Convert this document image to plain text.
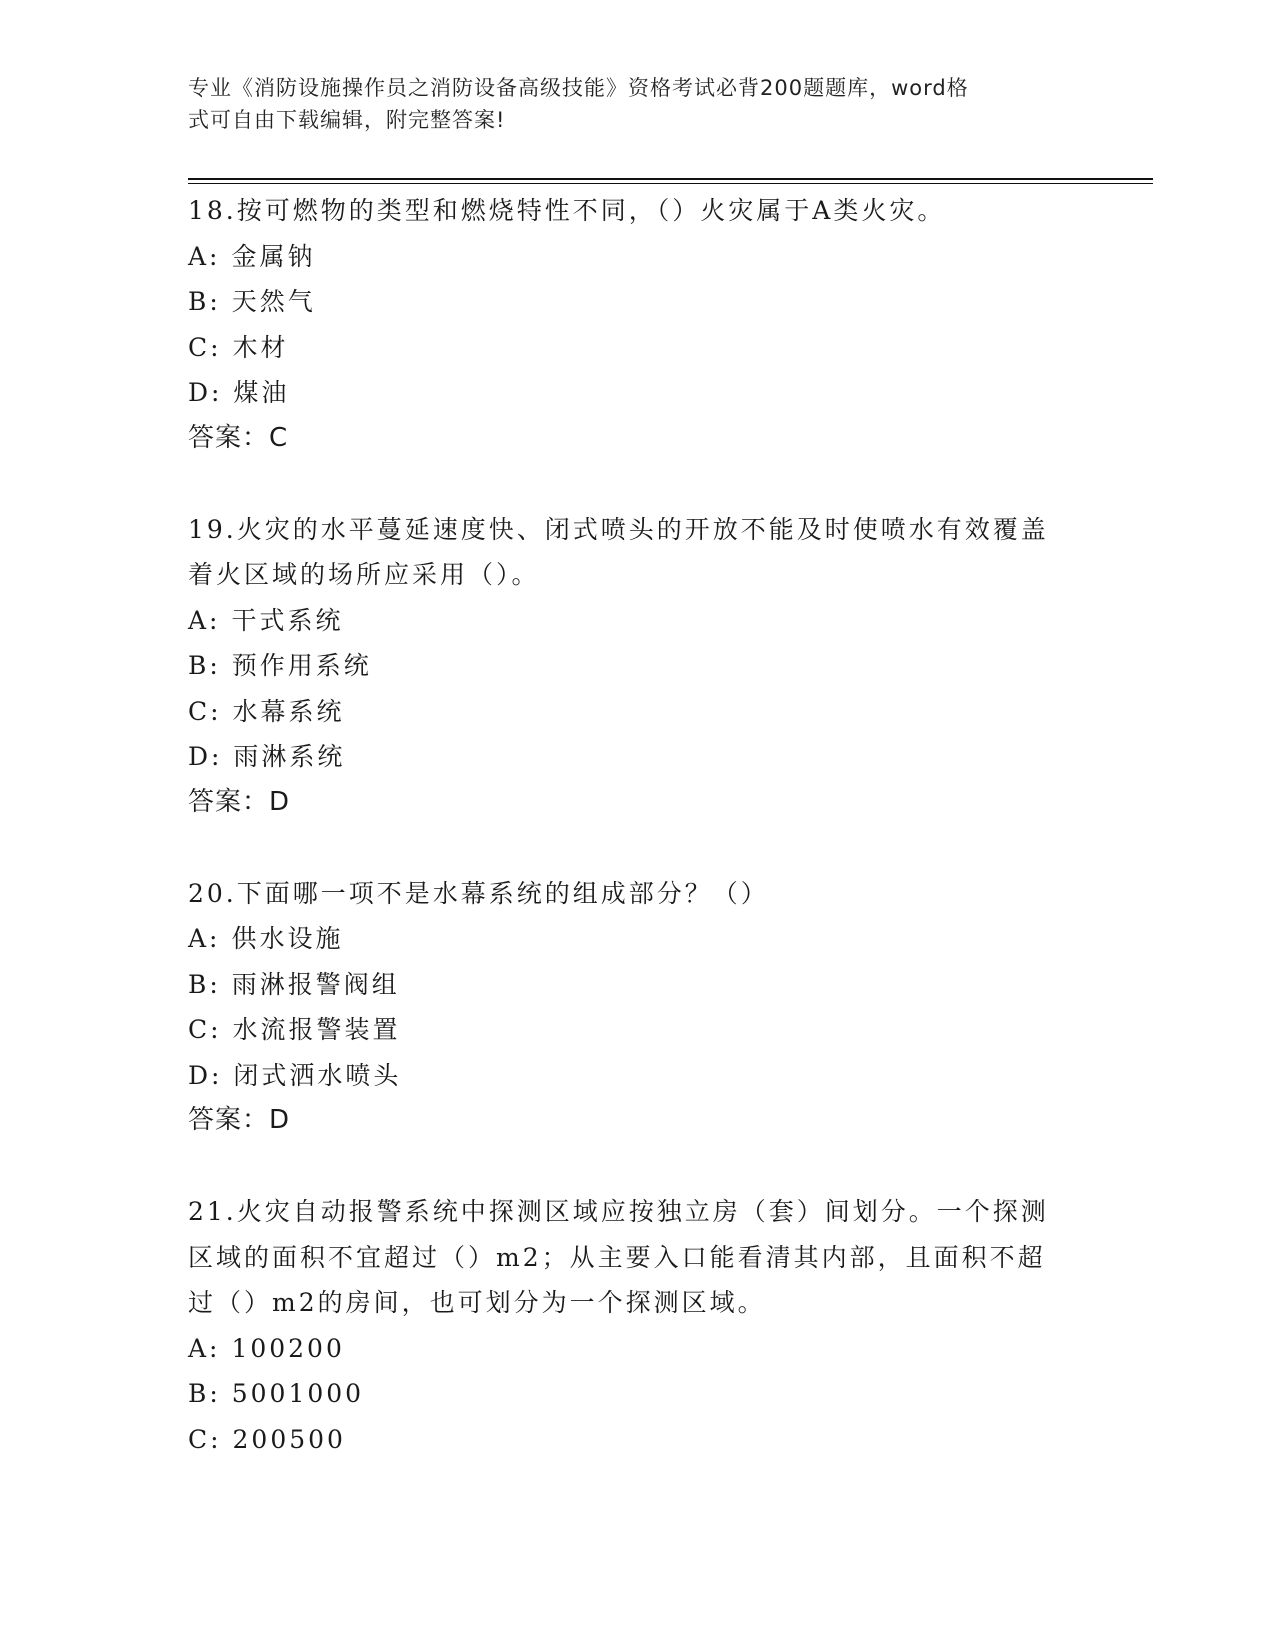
专业《消防设施操作员之消防设备高级技能》资格考试必背200题题库，word格
式可自由下载编辑，附完整答案!

18.按可燃物的类型和燃烧特性不同，（）火灾属于A类火灾。

A: 金属钠

B: 天然气

C: 木材

D: 煤油

答案：C

19.火灾的水平蔓延速度快、闭式喷头的开放不能及时使喷水有效覆盖

着火区域的场所应采用（）。

A: 干式系统

B: 预作用系统

C: 水幕系统

D: 雨淋系统

答案：D

20.下面哪一项不是水幕系统的组成部分？（）

A: 供水设施

B: 雨淋报警阀组

C: 水流报警装置

D: 闭式洒水喷头

答案：D

21.火灾自动报警系统中探测区域应按独立房（套）间划分。一个探测

区域的面积不宜超过（）m2；从主要入口能看清其内部，且面积不超

过（）m2的房间，也可划分为一个探测区域。

A: 100200

B: 5001000

C: 200500
